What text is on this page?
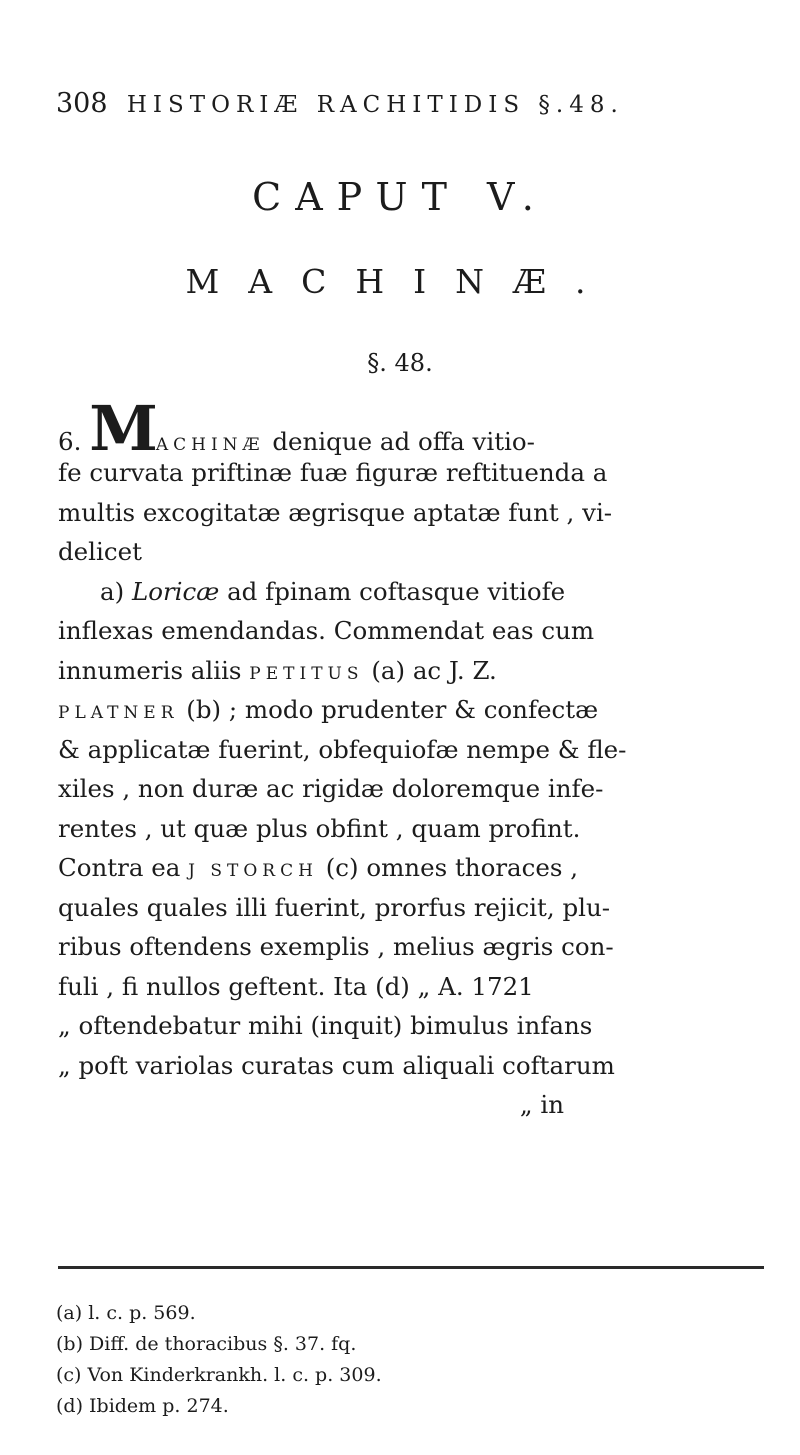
308 HISTORIÆ RACHITIDIS §.48.
CAPUT V.
MACHINÆ.
§. 48.
6. MACHINÆ denique ad offa vitio-
fe curvata priftinæ fuæ figuræ reftituenda a
multis excogitatæ ægrisque aptatæ funt , vi-
delicet
a) Loricæ ad fpinam coftasque vitiofe
inflexas emendandas. Commendat eas cum
innumeris aliis PETITUS (a) ac J. Z.
PLATNER (b) ; modo prudenter & confectæ
& applicatæ fuerint, obfequiofæ nempe & fle-
xiles , non duræ ac rigidæ doloremque infe-
rentes , ut quæ plus obfint , quam profint.
Contra ea J STORCH (c) omnes thoraces ,
quales quales illi fuerint, prorfus rejicit, plu-
ribus oftendens exemplis , melius ægris con-
fuli , fi nullos geftent. Ita (d) „ A. 1721
„ oftendebatur mihi (inquit) bimulus infans
„ poft variolas curatas cum aliquali coftarum
„ in
(a) l. c. p. 569.
(b) Diff. de thoracibus §. 37. fq.
(c) Von Kinderkrankh. l. c. p. 309.
(d) Ibidem p. 274.
